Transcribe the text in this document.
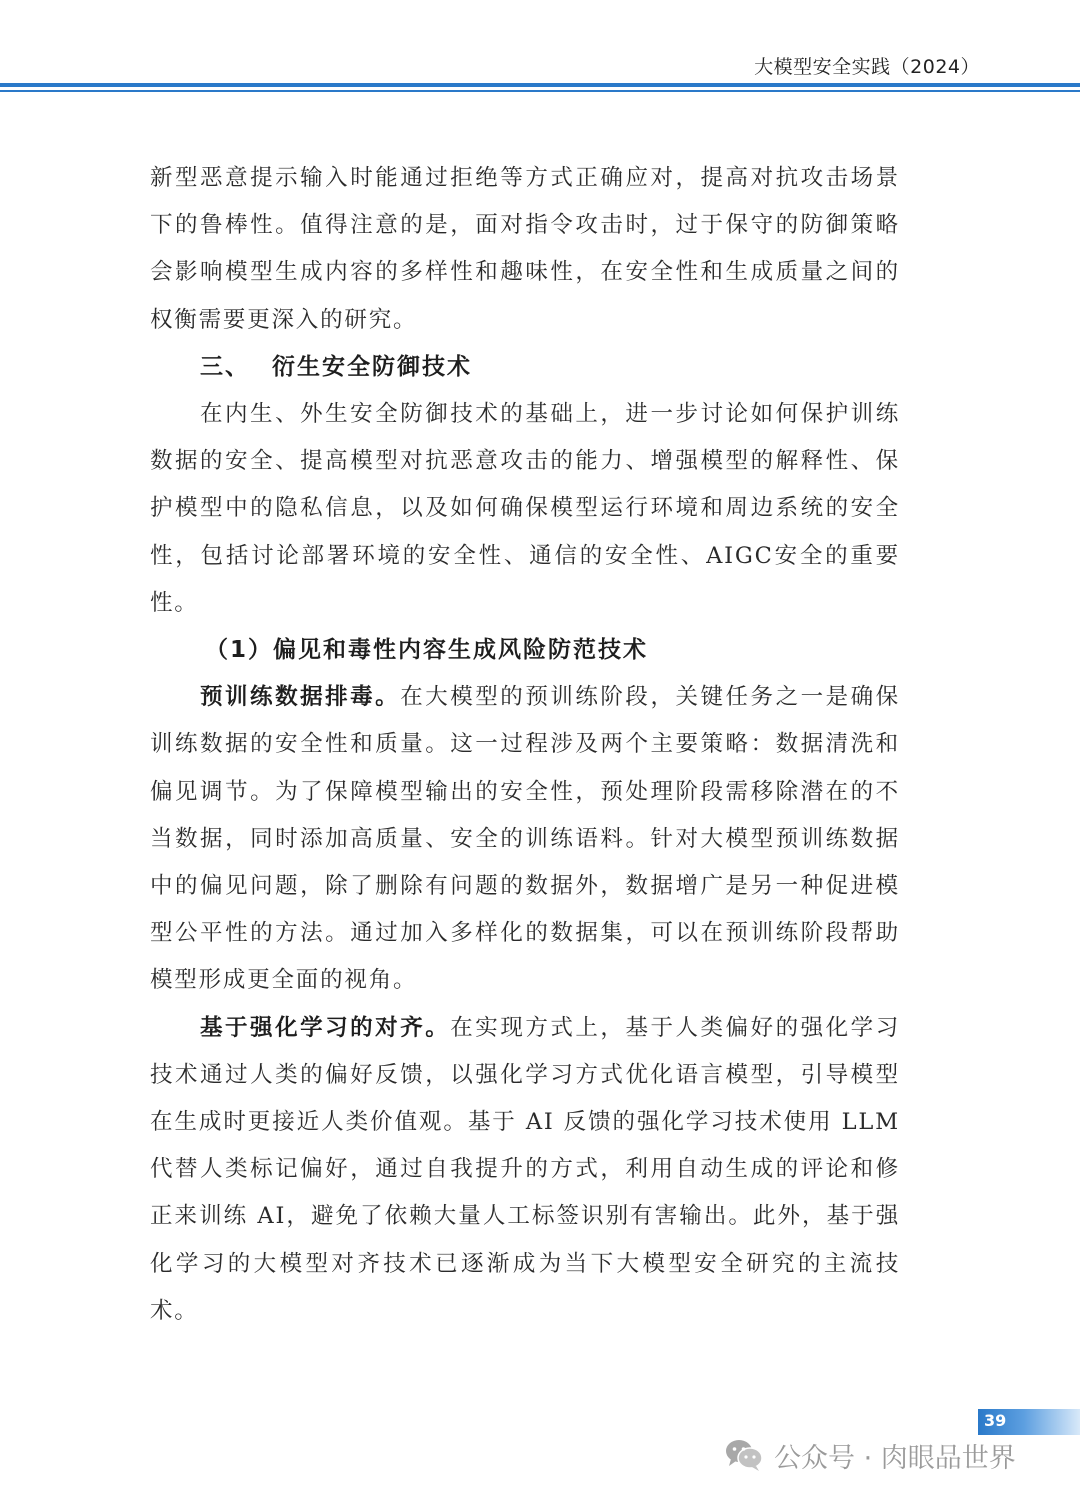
大模型安全实践（2024）

新型恶意提示输入时能通过拒绝等方式正确应对，提高对抗攻击场景下的鲁棒性。值得注意的是，面对指令攻击时，过于保守的防御策略会影响模型生成内容的多样性和趣味性，在安全性和生成质量之间的权衡需要更深入的研究。

三、 衍生安全防御技术

在内生、外生安全防御技术的基础上，进一步讨论如何保护训练数据的安全、提高模型对抗恶意攻击的能力、增强模型的解释性、保护模型中的隐私信息，以及如何确保模型运行环境和周边系统的安全性，包括讨论部署环境的安全性、通信的安全性、AIGC安全的重要性。

（1）偏见和毒性内容生成风险防范技术

预训练数据排毒。在大模型的预训练阶段，关键任务之一是确保训练数据的安全性和质量。这一过程涉及两个主要策略：数据清洗和偏见调节。为了保障模型输出的安全性，预处理阶段需移除潜在的不当数据，同时添加高质量、安全的训练语料。针对大模型预训练数据中的偏见问题，除了删除有问题的数据外，数据增广是另一种促进模型公平性的方法。通过加入多样化的数据集，可以在预训练阶段帮助模型形成更全面的视角。

基于强化学习的对齐。在实现方式上，基于人类偏好的强化学习技术通过人类的偏好反馈，以强化学习方式优化语言模型，引导模型在生成时更接近人类价值观。基于 AI 反馈的强化学习技术使用 LLM 代替人类标记偏好，通过自我提升的方式，利用自动生成的评论和修正来训练 AI，避免了依赖大量人工标签识别有害输出。此外，基于强化学习的大模型对齐技术已逐渐成为当下大模型安全研究的主流技术。

39
公众号 · 肉眼品世界
